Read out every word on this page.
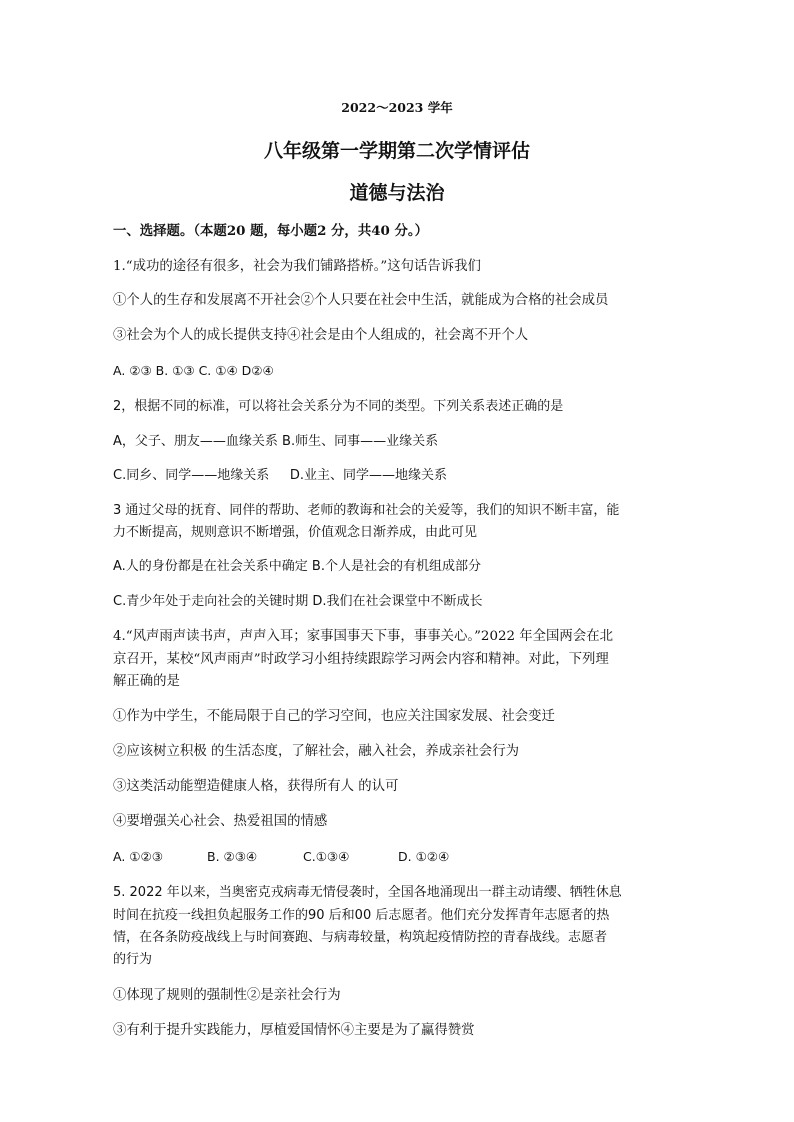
2022～2023 学年
八年级第一学期第二次学情评估
道德与法治
一、选择题。（本题20 题，每小题2 分，共40 分。）
1.“成功的途径有很多，社会为我们铺路搭桥。”这句话告诉我们
①个人的生存和发展离不开社会②个人只要在社会中生活，就能成为合格的社会成员
③社会为个人的成长提供支持④社会是由个人组成的，社会离不开个人
A. ②③ B. ①③ C. ①④ D②④
2，根据不同的标准，可以将社会关系分为不同的类型。下列关系表述正确的是
A，父子、朋友——血缘关系 B.师生、同事——业缘关系
C.同乡、同学——地缘关系     D.业主、同学——地缘关系
3 通过父母的抚育、同伴的帮助、老师的教诲和社会的关爱等，我们的知识不断丰富，能
力不断提高，规则意识不断增强，价值观念日渐养成，由此可见
A.人的身份都是在社会关系中确定 B.个人是社会的有机组成部分
C.青少年处于走向社会的关键时期 D.我们在社会课堂中不断成长
4.“风声雨声读书声，声声入耳；家事国事天下事，事事关心。”2022 年全国两会在北
京召开，某校“风声雨声”时政学习小组持续跟踪学习两会内容和精神。对此，下列理
解正确的是
①作为中学生，不能局限于自己的学习空间，也应关注国家发展、社会变迁
②应该树立积极 的生活态度，了解社会，融入社会，养成亲社会行为
③这类活动能塑造健康人格，获得所有人 的认可
④要增强关心社会、热爱祖国的情感
A. ①②③	B. ②③④	C.①③④	D. ①②④
5. 2022 年以来，当奥密克戎病毒无情侵袭时，全国各地涌现出一群主动请缨、牺牲休息
时间在抗疫一线担负起服务工作的90 后和00 后志愿者。他们充分发挥青年志愿者的热
情，在各条防疫战线上与时间赛跑、与病毒较量，构筑起疫情防控的青春战线。志愿者
的行为
①体现了规则的强制性②是亲社会行为
③有利于提升实践能力，厚植爱国情怀④主要是为了赢得赞赏
